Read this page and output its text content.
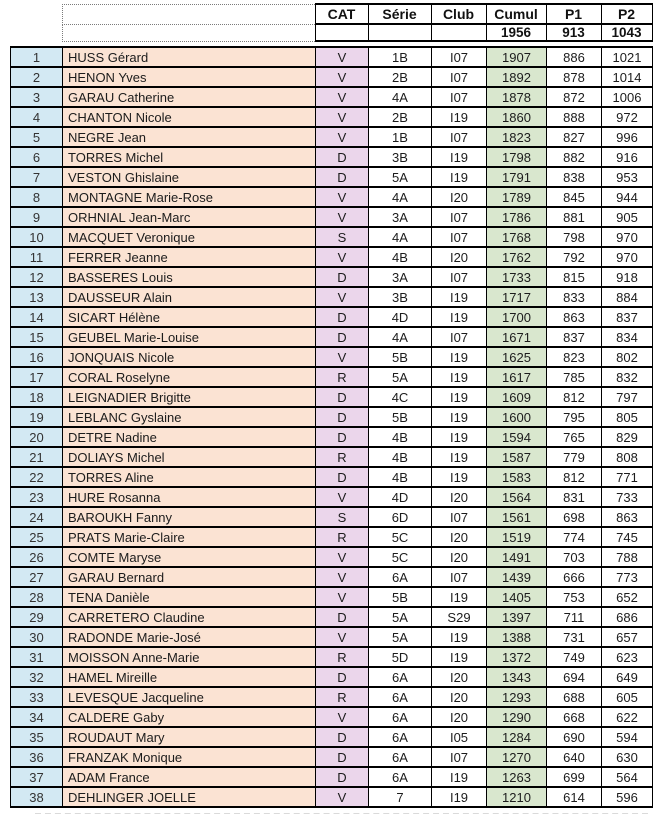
		CAT	Série	Club	Cumul	P1	P2
					1956	913	1043
1	HUSS Gérard	V	1B	I07	1907	886	1021
2	HENON Yves	V	2B	I07	1892	878	1014
3	GARAU Catherine	V	4A	I07	1878	872	1006
4	CHANTON Nicole	V	2B	I19	1860	888	972
5	NEGRE Jean	V	1B	I07	1823	827	996
6	TORRES Michel	D	3B	I19	1798	882	916
7	VESTON Ghislaine	D	5A	I19	1791	838	953
8	MONTAGNE Marie-Rose	V	4A	I20	1789	845	944
9	ORHNIAL Jean-Marc	V	3A	I07	1786	881	905
10	MACQUET Veronique	S	4A	I07	1768	798	970
11	FERRER Jeanne	V	4B	I20	1762	792	970
12	BASSERES Louis	D	3A	I07	1733	815	918
13	DAUSSEUR Alain	V	3B	I19	1717	833	884
14	SICART Hélène	D	4D	I19	1700	863	837
15	GEUBEL Marie-Louise	D	4A	I07	1671	837	834
16	JONQUAIS Nicole	V	5B	I19	1625	823	802
17	CORAL Roselyne	R	5A	I19	1617	785	832
18	LEIGNADIER Brigitte	D	4C	I19	1609	812	797
19	LEBLANC Gyslaine	D	5B	I19	1600	795	805
20	DETRE Nadine	D	4B	I19	1594	765	829
21	DOLIAYS Michel	R	4B	I19	1587	779	808
22	TORRES Aline	D	4B	I19	1583	812	771
23	HURE Rosanna	V	4D	I20	1564	831	733
24	BAROUKH Fanny	S	6D	I07	1561	698	863
25	PRATS Marie-Claire	R	5C	I20	1519	774	745
26	COMTE Maryse	V	5C	I20	1491	703	788
27	GARAU Bernard	V	6A	I07	1439	666	773
28	TENA Danièle	V	5B	I19	1405	753	652
29	CARRETERO Claudine	D	5A	S29	1397	711	686
30	RADONDE Marie-José	V	5A	I19	1388	731	657
31	MOISSON Anne-Marie	R	5D	I19	1372	749	623
32	HAMEL Mireille	D	6A	I20	1343	694	649
33	LEVESQUE Jacqueline	R	6A	I20	1293	688	605
34	CALDERE Gaby	V	6A	I20	1290	668	622
35	ROUDAUT Mary	D	6A	I05	1284	690	594
36	FRANZAK Monique	D	6A	I07	1270	640	630
37	ADAM France	D	6A	I19	1263	699	564
38	DEHLINGER JOELLE	V	7	I19	1210	614	596
